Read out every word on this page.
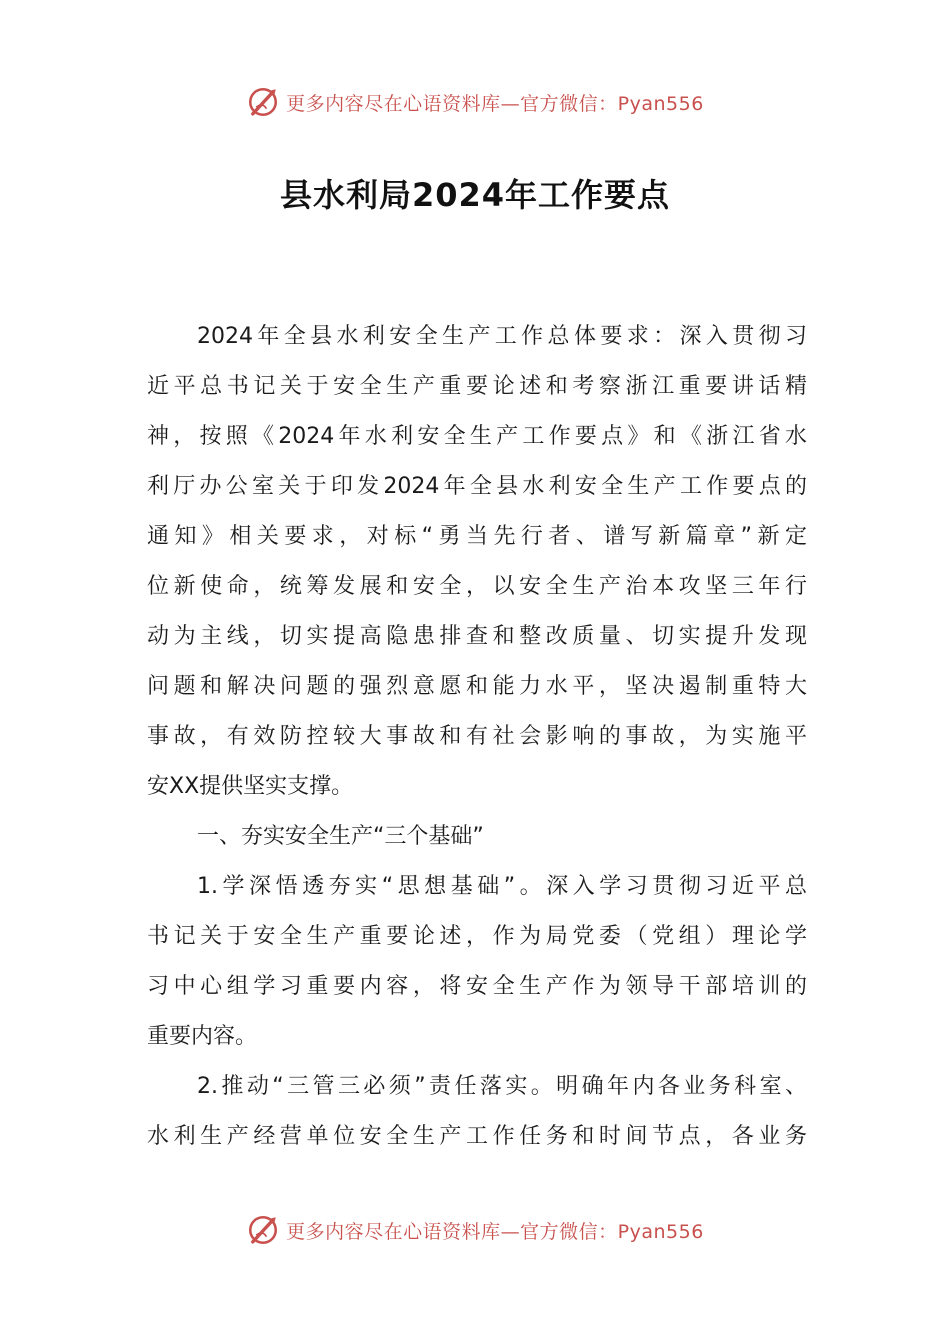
更多内容尽在心语资料库—官方微信：Pyan556
县水利局2024年工作要点

2024年全县水利安全生产工作总体要求：深入贯彻习
近平总书记关于安全生产重要论述和考察浙江重要讲话精
神，按照《2024年水利安全生产工作要点》和《浙江省水
利厅办公室关于印发2024年全县水利安全生产工作要点的
通知》相关要求，对标“勇当先行者、谱写新篇章”新定
位新使命，统筹发展和安全，以安全生产治本攻坚三年行
动为主线，切实提高隐患排查和整改质量、切实提升发现
问题和解决问题的强烈意愿和能力水平，坚决遏制重特大
事故，有效防控较大事故和有社会影响的事故，为实施平
安XX提供坚实支撑。

一、夯实安全生产“三个基础”

1.学深悟透夯实“思想基础”。深入学习贯彻习近平总
书记关于安全生产重要论述，作为局党委（党组）理论学
习中心组学习重要内容，将安全生产作为领导干部培训的
重要内容。

2.推动“三管三必须”责任落实。明确年内各业务科室、
水利生产经营单位安全生产工作任务和时间节点，各业务

更多内容尽在心语资料库—官方微信：Pyan556
